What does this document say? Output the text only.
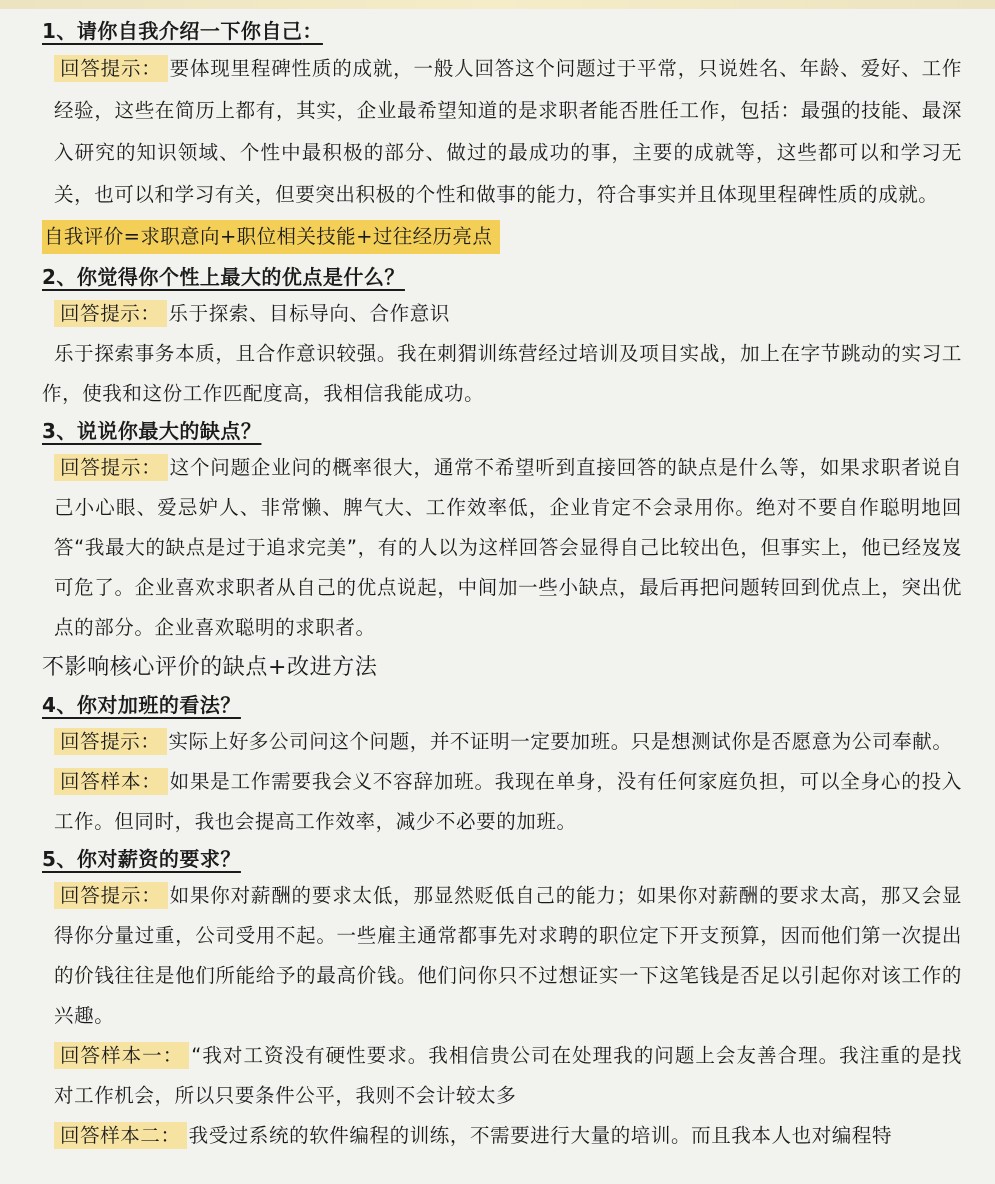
1、请你自我介绍一下你自己：

回答提示： 要体现里程碑性质的成就，一般人回答这个问题过于平常，只说姓名、年龄、爱好、工作经验，这些在简历上都有，其实，企业最希望知道的是求职者能否胜任工作，包括：最强的技能、最深入研究的知识领域、个性中最积极的部分、做过的最成功的事，主要的成就等，这些都可以和学习无关，也可以和学习有关，但要突出积极的个性和做事的能力，符合事实并且体现里程碑性质的成就。

自我评价=求职意向+职位相关技能+过往经历亮点
2、你觉得你个性上最大的优点是什么？

回答提示： 乐于探索、目标导向、合作意识

乐于探索事务本质，且合作意识较强。我在刺猬训练营经过培训及项目实战，加上在字节跳动的实习工作，使我和这份工作匹配度高，我相信我能成功。

3、说说你最大的缺点？

回答提示： 这个问题企业问的概率很大，通常不希望听到直接回答的缺点是什么等，如果求职者说自己小心眼、爱忌妒人、非常懒、脾气大、工作效率低，企业肯定不会录用你。绝对不要自作聪明地回答“我最大的缺点是过于追求完美”，有的人以为这样回答会显得自己比较出色，但事实上，他已经岌岌可危了。企业喜欢求职者从自己的优点说起，中间加一些小缺点，最后再把问题转回到优点上，突出优点的部分。企业喜欢聪明的求职者。

不影响核心评价的缺点+改进方法
4、你对加班的看法？

回答提示： 实际上好多公司问这个问题，并不证明一定要加班。只是想测试你是否愿意为公司奉献。

回答样本： 如果是工作需要我会义不容辞加班。我现在单身，没有任何家庭负担，可以全身心的投入工作。但同时，我也会提高工作效率，减少不必要的加班。

5、你对薪资的要求？

回答提示： 如果你对薪酬的要求太低，那显然贬低自己的能力；如果你对薪酬的要求太高，那又会显得你分量过重，公司受用不起。一些雇主通常都事先对求聘的职位定下开支预算，因而他们第一次提出的价钱往往是他们所能给予的最高价钱。他们问你只不过想证实一下这笔钱是否足以引起你对该工作的兴趣。

回答样本一： “我对工资没有硬性要求。我相信贵公司在处理我的问题上会友善合理。我注重的是找对工作机会，所以只要条件公平，我则不会计较太多

回答样本二： 我受过系统的软件编程的训练，不需要进行大量的培训。而且我本人也对编程特
